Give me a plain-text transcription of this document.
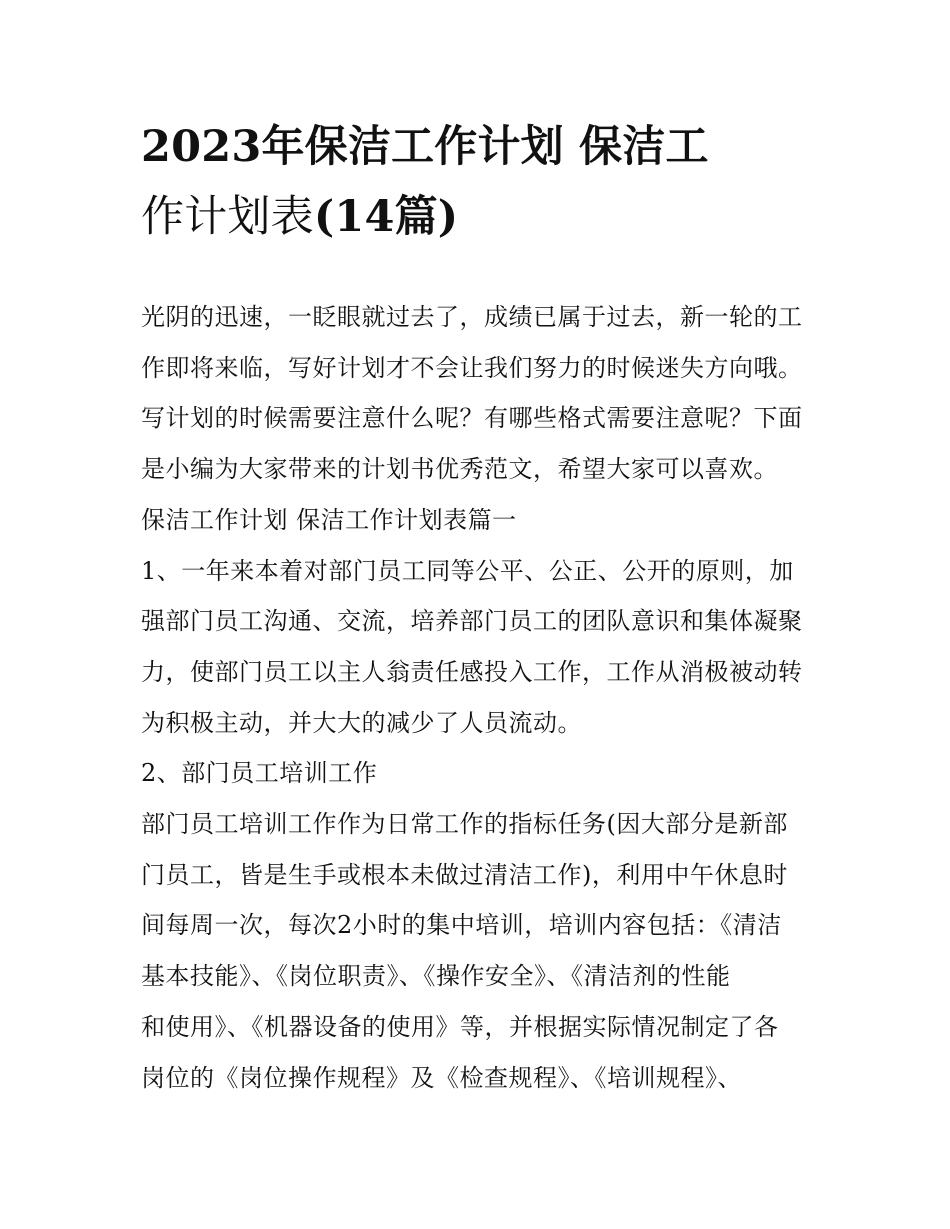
2023年保洁工作计划 保洁工
作计划表(14篇)

光阴的迅速，一眨眼就过去了，成绩已属于过去，新一轮的工
作即将来临，写好计划才不会让我们努力的时候迷失方向哦。
写计划的时候需要注意什么呢？有哪些格式需要注意呢？下面
是小编为大家带来的计划书优秀范文，希望大家可以喜欢。

保洁工作计划 保洁工作计划表篇一

1、一年来本着对部门员工同等公平、公正、公开的原则，加
强部门员工沟通、交流，培养部门员工的团队意识和集体凝聚
力，使部门员工以主人翁责任感投入工作，工作从消极被动转
为积极主动，并大大的减少了人员流动。

2、部门员工培训工作

部门员工培训工作作为日常工作的指标任务(因大部分是新部
门员工，皆是生手或根本未做过清洁工作)，利用中午休息时
间每周一次，每次2小时的集中培训，培训内容包括：《清洁
基本技能》、《岗位职责》、《操作安全》、《清洁剂的性能
和使用》、《机器设备的使用》等，并根据实际情况制定了各
岗位的《岗位操作规程》及《检查规程》、《培训规程》、
